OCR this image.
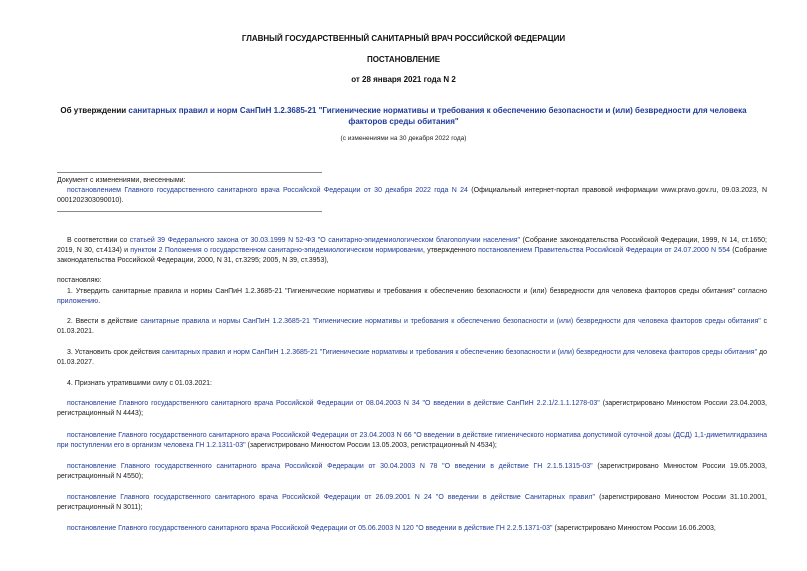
ГЛАВНЫЙ ГОСУДАРСТВЕННЫЙ САНИТАРНЫЙ ВРАЧ РОССИЙСКОЙ ФЕДЕРАЦИИ
ПОСТАНОВЛЕНИЕ
от 28 января 2021 года N 2
Об утверждении санитарных правил и норм СанПиН 1.2.3685-21 "Гигиенические нормативы и требования к обеспечению безопасности и (или) безвредности для человека факторов среды обитания"
(с изменениями на 30 декабря 2022 года)
Документ с изменениями, внесенными:
постановлением Главного государственного санитарного врача Российской Федерации от 30 декабря 2022 года N 24 (Официальный интернет-портал правовой информации www.pravo.gov.ru, 09.03.2023, N 0001202303090010).
В соответствии со статьей 39 Федерального закона от 30.03.1999 N 52-ФЗ "О санитарно-эпидемиологическом благополучии населения" (Собрание законодательства Российской Федерации, 1999, N 14, ст.1650; 2019, N 30, ст.4134) и пунктом 2 Положения о государственном санитарно-эпидемиологическом нормировании, утвержденного постановлением Правительства Российской Федерации от 24.07.2000 N 554 (Собрание законодательства Российской Федерации, 2000, N 31, ст.3295; 2005, N 39, ст.3953),
постановляю:
1. Утвердить санитарные правила и нормы СанПиН 1.2.3685-21 "Гигиенические нормативы и требования к обеспечению безопасности и (или) безвредности для человека факторов среды обитания" согласно приложению.
2. Ввести в действие санитарные правила и нормы СанПиН 1.2.3685-21 "Гигиенические нормативы и требования к обеспечению безопасности и (или) безвредности для человека факторов среды обитания" с 01.03.2021.
3. Установить срок действия санитарных правил и норм СанПиН 1.2.3685-21 "Гигиенические нормативы и требования к обеспечению безопасности и (или) безвредности для человека факторов среды обитания" до 01.03.2027.
4. Признать утратившими силу с 01.03.2021:
постановление Главного государственного санитарного врача Российской Федерации от 08.04.2003 N 34 "О введении в действие СанПиН 2.2.1/2.1.1.1278-03" (зарегистрировано Минюстом России 23.04.2003, регистрационный N 4443);
постановление Главного государственного санитарного врача Российской Федерации от 23.04.2003 N 66 "О введении в действие гигиенического норматива допустимой суточной дозы (ДСД) 1,1-диметилгидразина при поступлении его в организм человека ГН 1.2.1311-03" (зарегистрировано Минюстом России 13.05.2003, регистрационный N 4534);
постановление Главного государственного санитарного врача Российской Федерации от 30.04.2003 N 78 "О введении в действие ГН 2.1.5.1315-03" (зарегистрировано Минюстом России 19.05.2003, регистрационный N 4550);
постановление Главного государственного санитарного врача Российской Федерации от 26.09.2001 N 24 "О введении в действие Санитарных правил" (зарегистрировано Минюстом России 31.10.2001, регистрационный N 3011);
постановление Главного государственного санитарного врача Российской Федерации от 05.06.2003 N 120 "О введении в действие ГН 2.2.5.1371-03" (зарегистрировано Минюстом России 16.06.2003,
